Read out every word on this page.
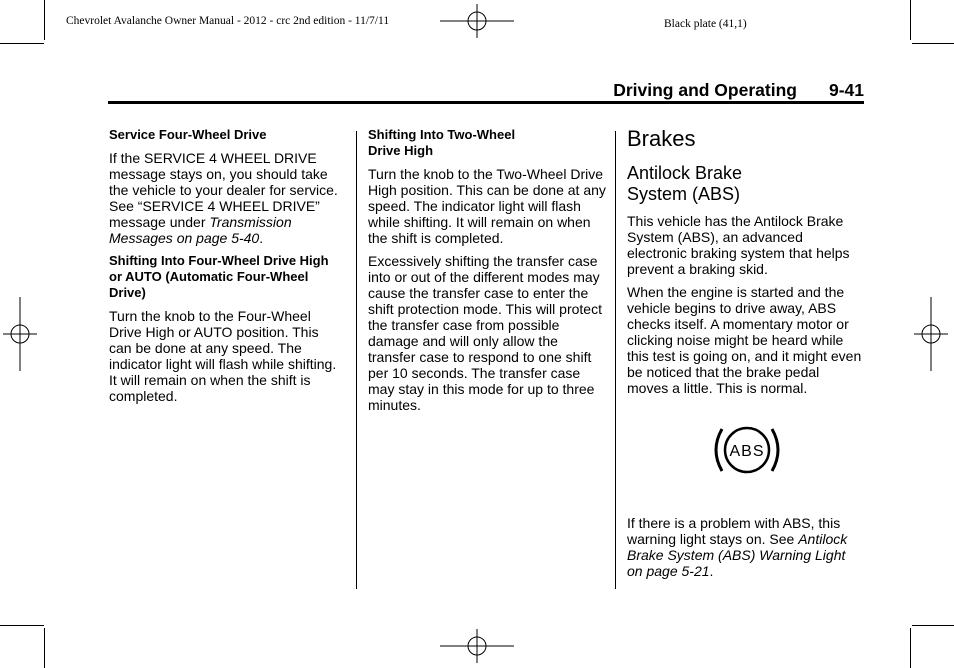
Chevrolet Avalanche Owner Manual - 2012 - crc 2nd edition - 11/7/11	Black plate (41,1)
Driving and Operating 9-41
Service Four-Wheel Drive

If the SERVICE 4 WHEEL DRIVE message stays on, you should take the vehicle to your dealer for service. See “SERVICE 4 WHEEL DRIVE” message under Transmission Messages on page 5-40.

Shifting Into Four-Wheel Drive High or AUTO (Automatic Four-Wheel Drive)

Turn the knob to the Four-Wheel Drive High or AUTO position. This can be done at any speed. The indicator light will flash while shifting. It will remain on when the shift is completed.

Shifting Into Two-Wheel Drive High

Turn the knob to the Two-Wheel Drive High position. This can be done at any speed. The indicator light will flash while shifting. It will remain on when the shift is completed.

Excessively shifting the transfer case into or out of the different modes may cause the transfer case to enter the shift protection mode. This will protect the transfer case from possible damage and will only allow the transfer case to respond to one shift per 10 seconds. The transfer case may stay in this mode for up to three minutes.

Brakes
Antilock Brake System (ABS)

This vehicle has the Antilock Brake System (ABS), an advanced electronic braking system that helps prevent a braking skid.

When the engine is started and the vehicle begins to drive away, ABS checks itself. A momentary motor or clicking noise might be heard while this test is going on, and it might even be noticed that the brake pedal moves a little. This is normal.

ABS

If there is a problem with ABS, this warning light stays on. See Antilock Brake System (ABS) Warning Light on page 5-21.
